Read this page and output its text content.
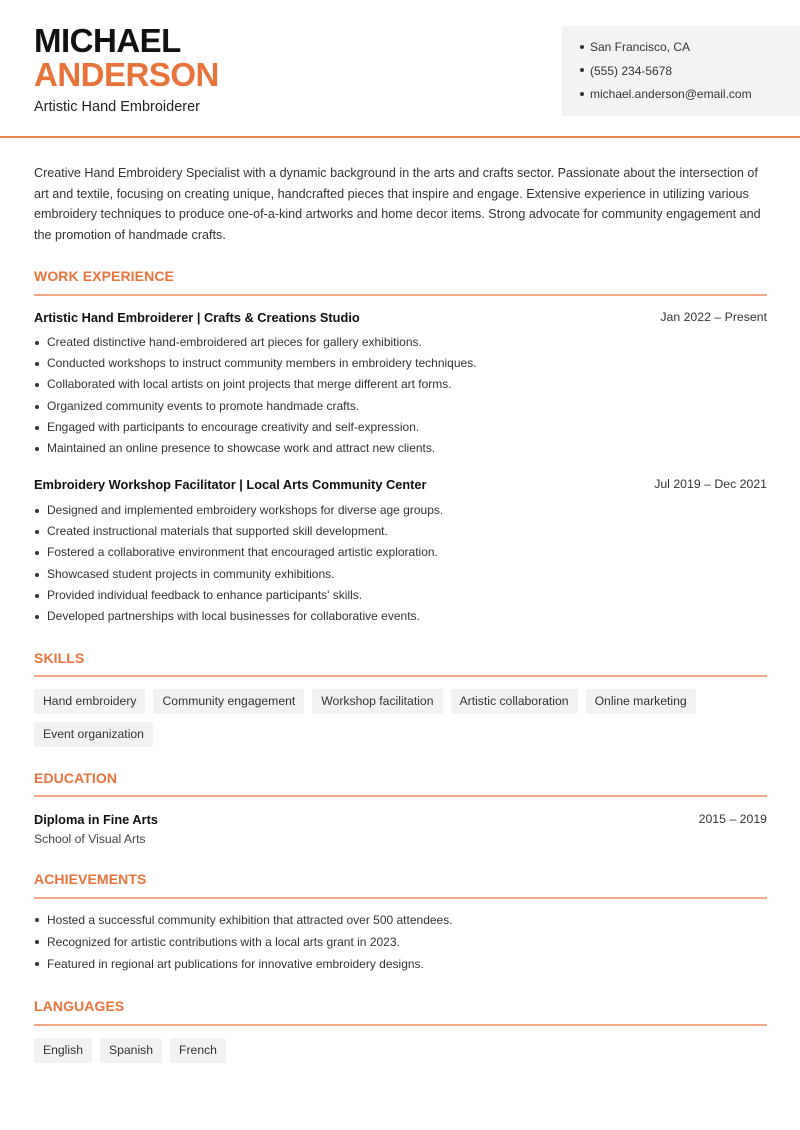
MICHAEL
ANDERSON
Artistic Hand Embroiderer
San Francisco, CA
(555) 234-5678
michael.anderson@email.com

Creative Hand Embroidery Specialist with a dynamic background in the arts and crafts sector. Passionate about the intersection of art and textile, focusing on creating unique, handcrafted pieces that inspire and engage. Extensive experience in utilizing various embroidery techniques to produce one-of-a-kind artworks and home decor items. Strong advocate for community engagement and the promotion of handmade crafts.

WORK EXPERIENCE
Artistic Hand Embroiderer | Crafts & Creations Studio	Jan 2022 – Present
Created distinctive hand-embroidered art pieces for gallery exhibitions.
Conducted workshops to instruct community members in embroidery techniques.
Collaborated with local artists on joint projects that merge different art forms.
Organized community events to promote handmade crafts.
Engaged with participants to encourage creativity and self-expression.
Maintained an online presence to showcase work and attract new clients.
Embroidery Workshop Facilitator | Local Arts Community Center	Jul 2019 – Dec 2021
Designed and implemented embroidery workshops for diverse age groups.
Created instructional materials that supported skill development.
Fostered a collaborative environment that encouraged artistic exploration.
Showcased student projects in community exhibitions.
Provided individual feedback to enhance participants' skills.
Developed partnerships with local businesses for collaborative events.
SKILLS
Hand embroidery	Community engagement	Workshop facilitation	Artistic collaboration	Online marketing
Event organization
EDUCATION
Diploma in Fine Arts
School of Visual Arts
2015 – 2019
ACHIEVEMENTS
Hosted a successful community exhibition that attracted over 500 attendees.
Recognized for artistic contributions with a local arts grant in 2023.
Featured in regional art publications for innovative embroidery designs.
LANGUAGES
English	Spanish	French
